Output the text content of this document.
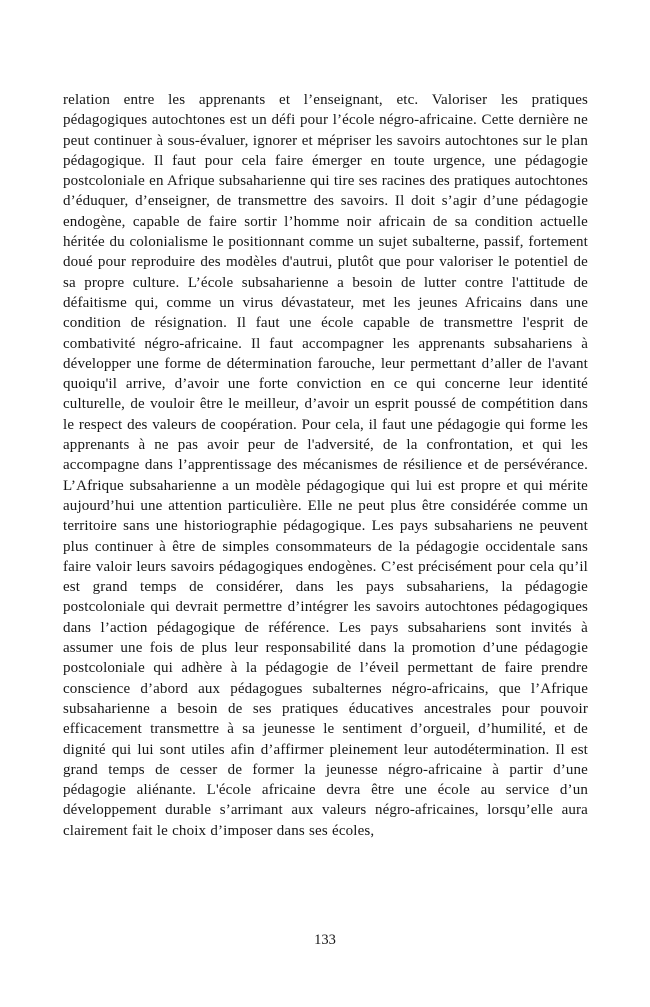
relation entre les apprenants et l’enseignant, etc. Valoriser les pratiques pédagogiques autochtones est un défi pour l’école négro-africaine. Cette dernière ne peut continuer à sous-évaluer, ignorer et mépriser les savoirs autochtones sur le plan pédagogique. Il faut pour cela faire émerger en toute urgence, une pédagogie postcoloniale en Afrique subsaharienne qui tire ses racines des pratiques autochtones d’éduquer, d’enseigner, de transmettre des savoirs. Il doit s’agir d’une pédagogie endogène, capable de faire sortir l’homme noir africain de sa condition actuelle héritée du colonialisme le positionnant comme un sujet subalterne, passif, fortement doué pour reproduire des modèles d'autrui, plutôt que pour valoriser le potentiel de sa propre culture. L’école subsaharienne a besoin de lutter contre l'attitude de défaitisme qui, comme un virus dévastateur, met les jeunes Africains dans une condition de résignation. Il faut une école capable de transmettre l'esprit de combativité négro-africaine. Il faut accompagner les apprenants subsahariens à développer une forme de détermination farouche, leur permettant d’aller de l'avant quoiqu'il arrive, d’avoir une forte conviction en ce qui concerne leur identité culturelle, de vouloir être le meilleur, d’avoir un esprit poussé de compétition dans le respect des valeurs de coopération. Pour cela, il faut une pédagogie qui forme les apprenants à ne pas avoir peur de l'adversité, de la confrontation, et qui les accompagne dans l’apprentissage des mécanismes de résilience et de persévérance. L’Afrique subsaharienne a un modèle pédagogique qui lui est propre et qui mérite aujourd’hui une attention particulière. Elle ne peut plus être considérée comme un territoire sans une historiographie pédagogique. Les pays subsahariens ne peuvent plus continuer à être de simples consommateurs de la pédagogie occidentale sans faire valoir leurs savoirs pédagogiques endogènes. C’est précisément pour cela qu’il est grand temps de considérer, dans les pays subsahariens, la pédagogie postcoloniale qui devrait permettre d’intégrer les savoirs autochtones pédagogiques dans l’action pédagogique de référence. Les pays subsahariens sont invités à assumer une fois de plus leur responsabilité dans la promotion d’une pédagogie postcoloniale qui adhère à la pédagogie de l’éveil permettant de faire prendre conscience d’abord aux pédagogues subalternes négro-africains, que l’Afrique subsaharienne a besoin de ses pratiques éducatives ancestrales pour pouvoir efficacement transmettre à sa jeunesse le sentiment d’orgueil, d’humilité, et de dignité qui lui sont utiles afin d’affirmer pleinement leur autodétermination. Il est grand temps de cesser de former la jeunesse négro-africaine à partir d’une pédagogie aliénante. L'école africaine devra être une école au service d’un développement durable s’arrimant aux valeurs négro-africaines, lorsqu’elle aura clairement fait le choix d’imposer dans ses écoles,

133
